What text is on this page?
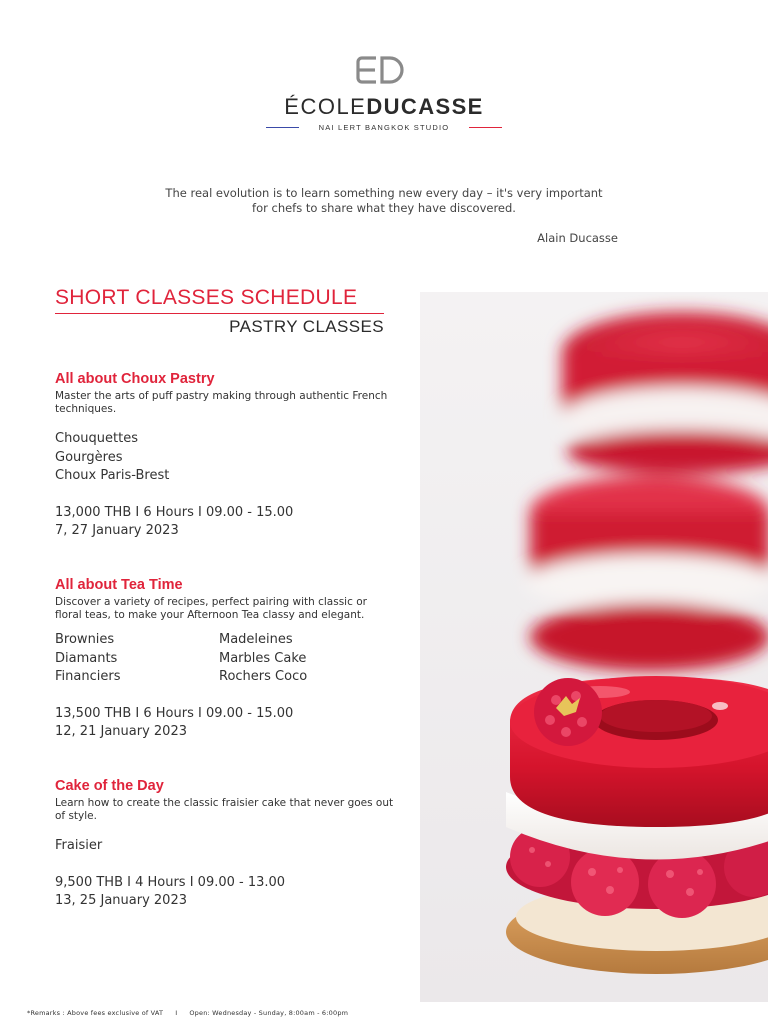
ÉCOLEDUCASSE
NAI LERT BANGKOK STUDIO
The real evolution is to learn something new every day – it's very important
for chefs to share what they have discovered.
Alain Ducasse
SHORT CLASSES SCHEDULE
PASTRY CLASSES
All about Choux Pastry
Master the arts of puff pastry making through authentic French techniques.
Chouquettes
Gourgères
Choux Paris-Brest
13,000 THB I 6 Hours I 09.00 - 15.00
7, 27 January 2023
All about Tea Time
Discover a variety of recipes, perfect pairing with classic or floral teas, to make your Afternoon Tea classy and elegant.
Brownies	Madeleines
Diamants	Marbles Cake
Financiers	Rochers Coco
13,500 THB I 6 Hours I 09.00 - 15.00
12, 21 January 2023
Cake of the Day
Learn how to create the classic fraisier cake that never goes out of style.
Fraisier
9,500 THB I 4 Hours I 09.00 - 13.00
13, 25 January 2023
*Remarks : Above fees exclusive of VAT I Open: Wednesday - Sunday, 8:00am - 6:00pm
